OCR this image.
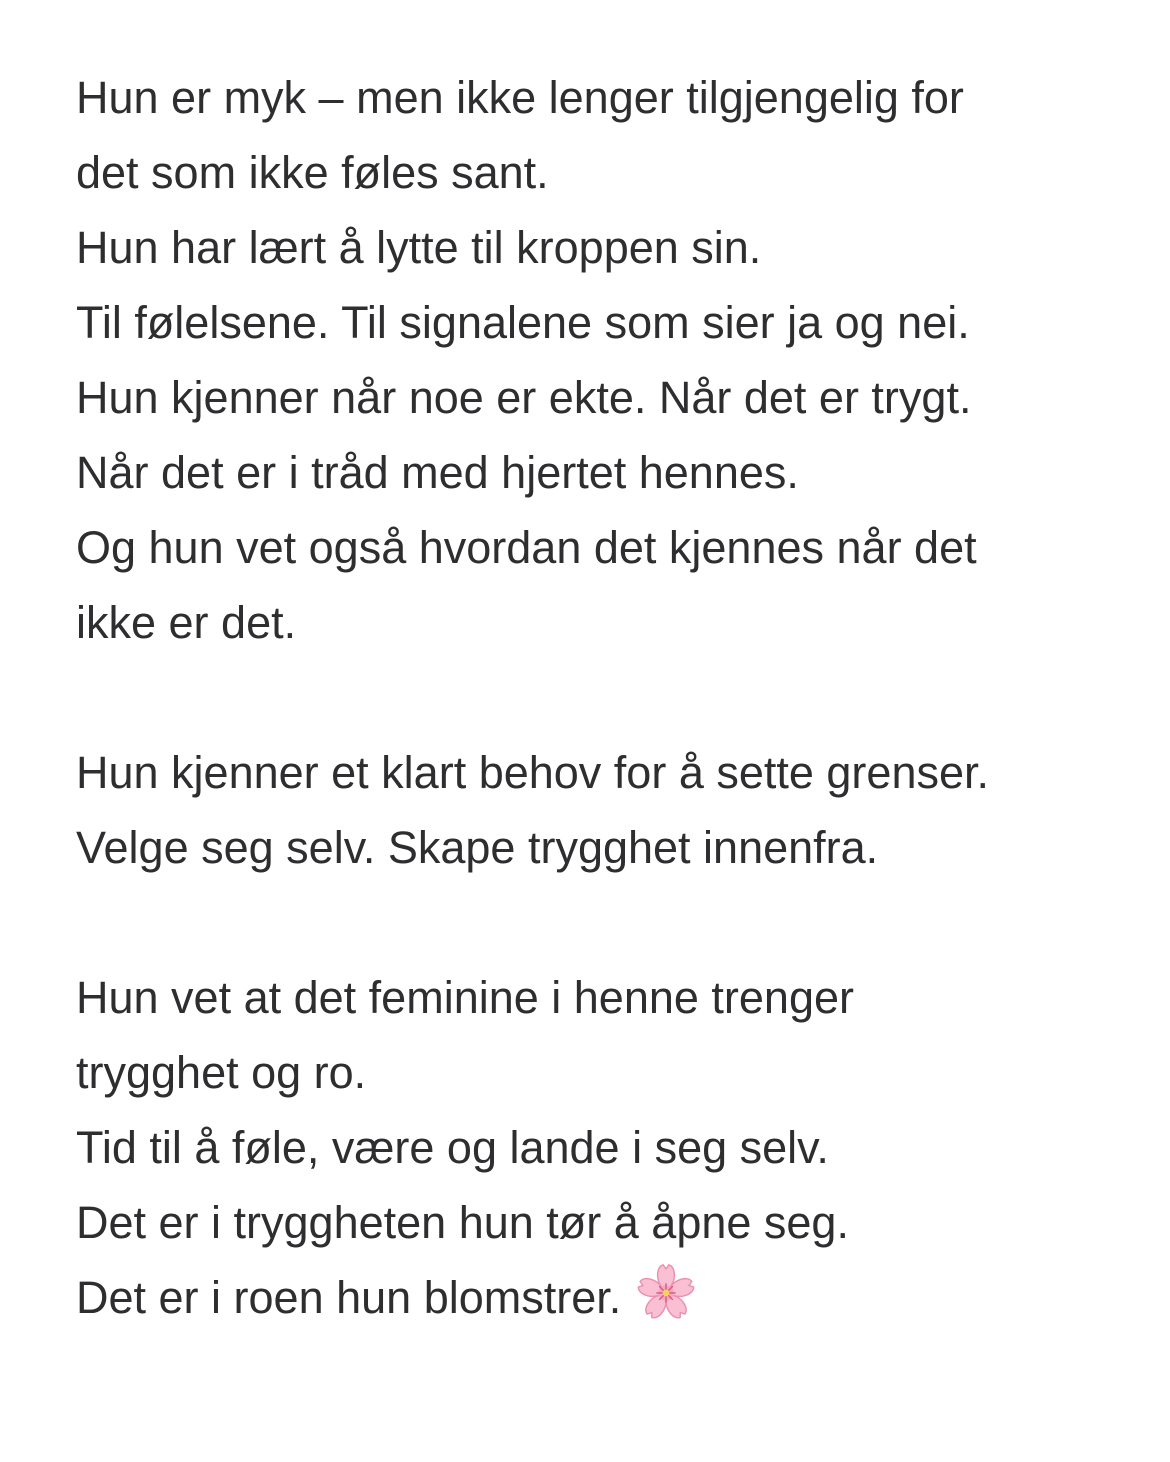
Hun er myk – men ikke lenger tilgjengelig for
det som ikke føles sant.
Hun har lært å lytte til kroppen sin.
Til følelsene. Til signalene som sier ja og nei.
Hun kjenner når noe er ekte. Når det er trygt.
Når det er i tråd med hjertet hennes.
Og hun vet også hvordan det kjennes når det
ikke er det.
Hun kjenner et klart behov for å sette grenser.
Velge seg selv. Skape trygghet innenfra.
Hun vet at det feminine i henne trenger
trygghet og ro.
Tid til å føle, være og lande i seg selv.
Det er i tryggheten hun tør å åpne seg.
Det er i roen hun blomstrer.
